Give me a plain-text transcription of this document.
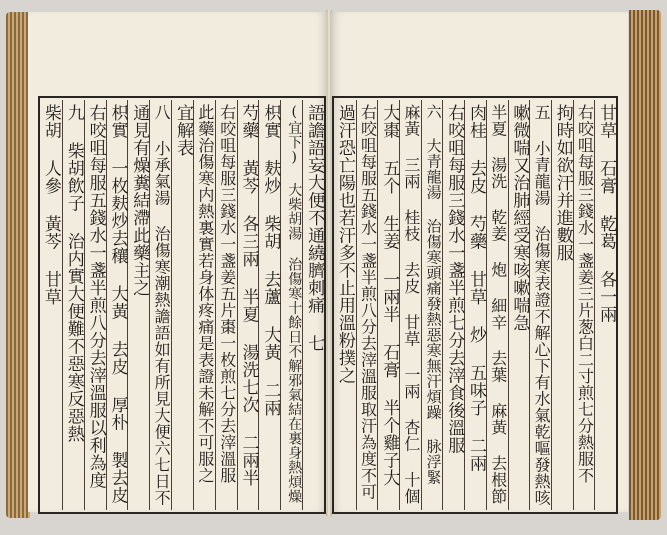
語譫語妄大便不通繞臍刺痛 七
(宜下) 大柴胡湯 治傷寒十餘日不解邪氣結在裏身熱煩燥
枳實 麸炒 柴胡 去蘆 大黃 二兩
芍藥 黃芩 各三兩 半夏 湯洗七次 二兩半
右咬咀每服三錢水一盞姜五片棗一枚煎七分去滓溫服
此藥治傷寒内熱裏實若身体疼痛是表證未解不可服之
宜解表
八 小承氣湯 治傷寒潮熱譫語如有所見大便六七日不
通見有燥糞結滯此藥主之
枳實 一枚麸炒去穰 大黃 去皮 厚朴 製去皮
右咬咀每服五錢水一盞半煎八分去滓溫服以利為度
九 柴胡飲子 治内實大便難不惡寒反惡熱
柴胡 人參 黃芩 甘草	甘草 石膏 乾葛 各一兩
右咬咀每服三錢水一盞姜三片葱白二寸煎七分熱服不
拘時如欲汗并進數服
五 小青龍湯 治傷寒表證不解心下有水氣乾嘔發熱咳
嗽微喘又治肺經受寒咳嗽喘急
半夏 湯洗 乾姜 炮 細辛 去葉 麻黃 去根節
肉桂 去皮 芍藥 甘草 炒 五味子 二兩
右咬咀每服三錢水一盞半煎七分去滓食後溫服
六 大青龍湯 治傷寒頭痛發熱惡寒無汗煩躁 脉浮緊
麻黃 三兩 桂枝 去皮 甘草 一兩 杏仁 十個
大棗 五个 生姜 一兩半 石膏 半个雞子大
右咬咀每服五錢水一盞半煎八分去滓溫服取汗為度不可
過汗恐亡陽也若汗多不止用溫粉撲之
